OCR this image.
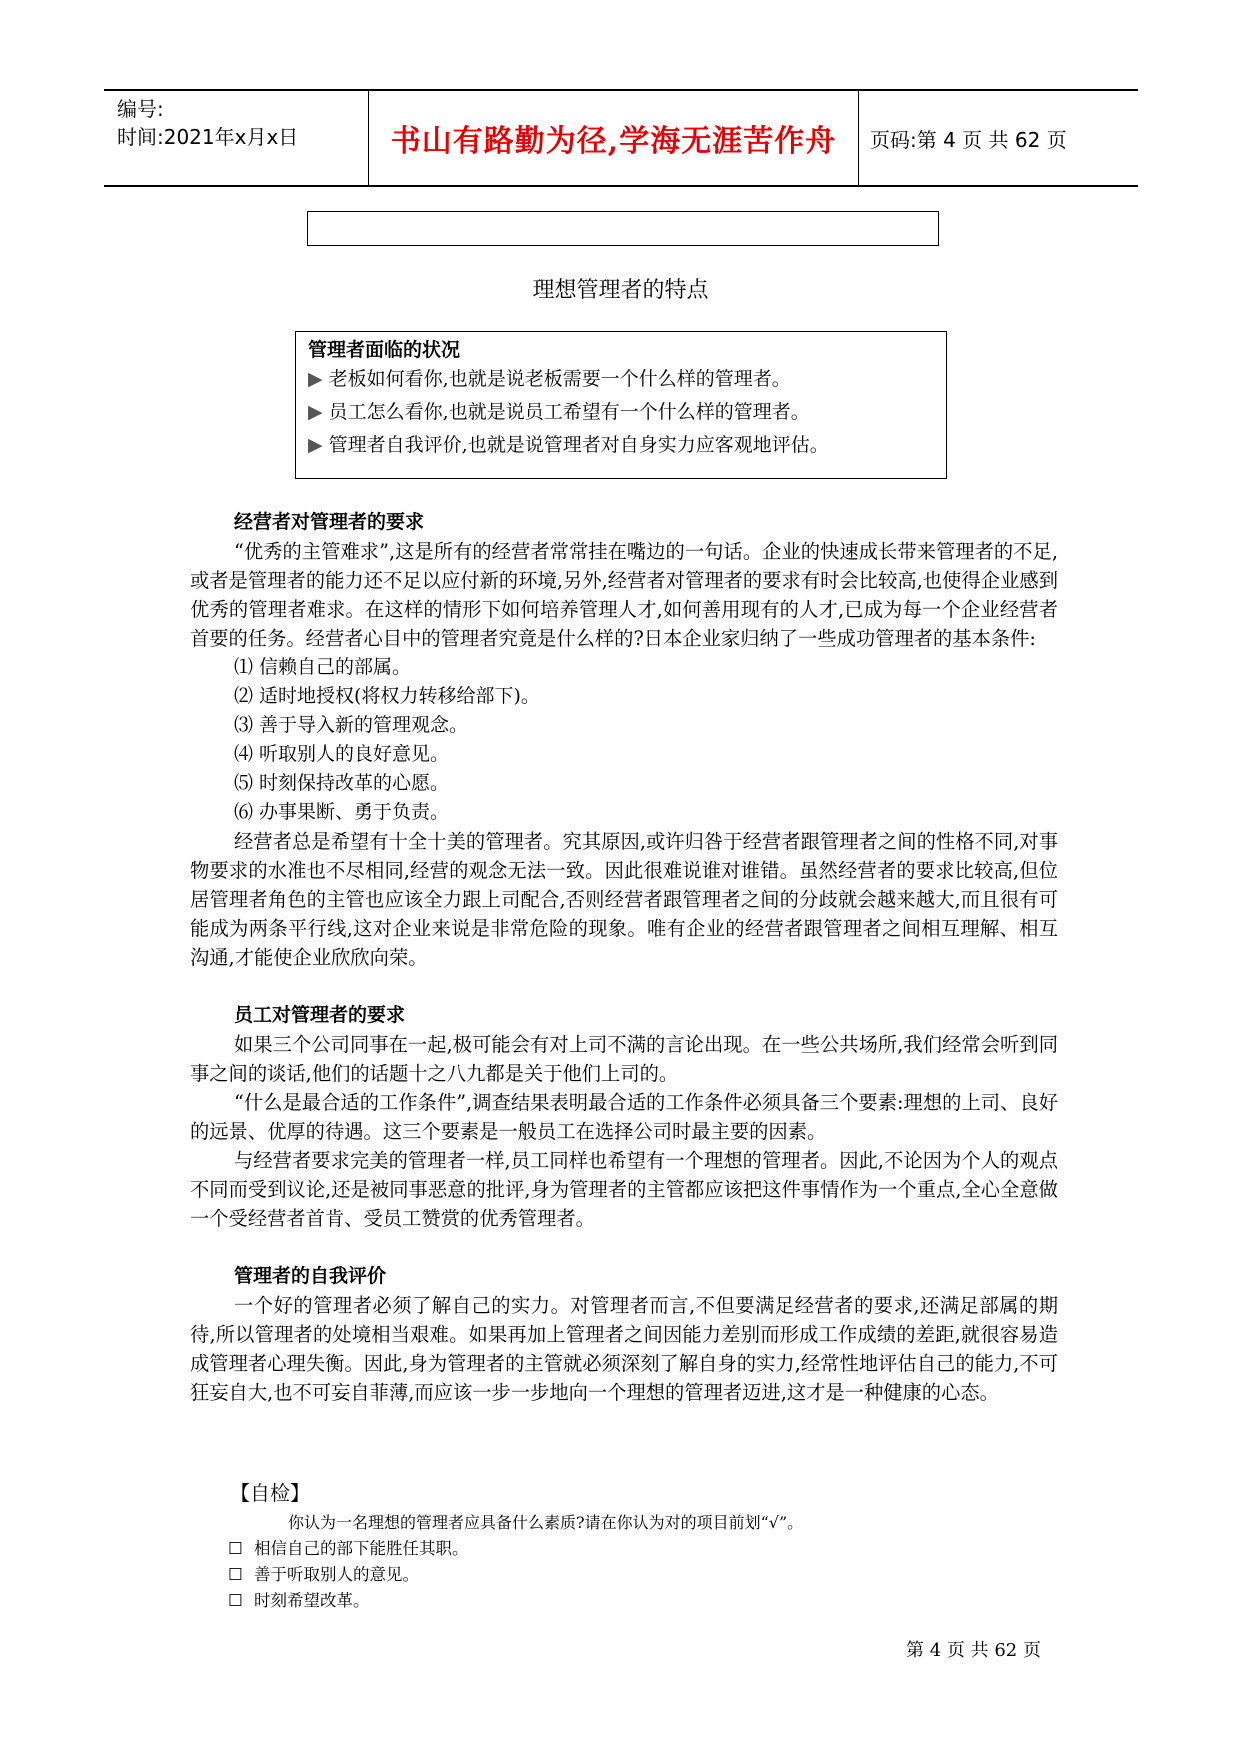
编号:
时间:2021年x月x日	书山有路勤为径,学海无涯苦作舟	页码:第 4 页 共 62 页
理想管理者的特点
管理者面临的状况
▶ 老板如何看你,也就是说老板需要一个什么样的管理者。
▶ 员工怎么看你,也就是说员工希望有一个什么样的管理者。
▶ 管理者自我评价,也就是说管理者对自身实力应客观地评估。
经营者对管理者的要求

“优秀的主管难求”,这是所有的经营者常常挂在嘴边的一句话。企业的快速成长带来管理者的不足,或者是管理者的能力还不足以应付新的环境,另外,经营者对管理者的要求有时会比较高,也使得企业感到优秀的管理者难求。在这样的情形下如何培养管理人才,如何善用现有的人才,已成为每一个企业经营者首要的任务。经营者心目中的管理者究竟是什么样的?日本企业家归纳了一些成功管理者的基本条件:

⑴ 信赖自己的部属。
⑵ 适时地授权(将权力转移给部下)。
⑶ 善于导入新的管理观念。
⑷ 听取别人的良好意见。
⑸ 时刻保持改革的心愿。
⑹ 办事果断、勇于负责。

经营者总是希望有十全十美的管理者。究其原因,或许归咎于经营者跟管理者之间的性格不同,对事物要求的水准也不尽相同,经营的观念无法一致。因此很难说谁对谁错。虽然经营者的要求比较高,但位居管理者角色的主管也应该全力跟上司配合,否则经营者跟管理者之间的分歧就会越来越大,而且很有可能成为两条平行线,这对企业来说是非常危险的现象。唯有企业的经营者跟管理者之间相互理解、相互沟通,才能使企业欣欣向荣。

员工对管理者的要求

如果三个公司同事在一起,极可能会有对上司不满的言论出现。在一些公共场所,我们经常会听到同事之间的谈话,他们的话题十之八九都是关于他们上司的。

“什么是最合适的工作条件”,调查结果表明最合适的工作条件必须具备三个要素:理想的上司、良好的远景、优厚的待遇。这三个要素是一般员工在选择公司时最主要的因素。

与经营者要求完美的管理者一样,员工同样也希望有一个理想的管理者。因此,不论因为个人的观点不同而受到议论,还是被同事恶意的批评,身为管理者的主管都应该把这件事情作为一个重点,全心全意做一个受经营者首肯、受员工赞赏的优秀管理者。

管理者的自我评价

一个好的管理者必须了解自己的实力。对管理者而言,不但要满足经营者的要求,还满足部属的期待,所以管理者的处境相当艰难。如果再加上管理者之间因能力差别而形成工作成绩的差距,就很容易造成管理者心理失衡。因此,身为管理者的主管就必须深刻了解自身的实力,经常性地评估自己的能力,不可狂妄自大,也不可妄自菲薄,而应该一步一步地向一个理想的管理者迈进,这才是一种健康的心态。

【自检】
你认为一名理想的管理者应具备什么素质?请在你认为对的项目前划“√”。
☐ 相信自己的部下能胜任其职。
☐ 善于听取别人的意见。
☐ 时刻希望改革。
第 4 页 共 62 页
